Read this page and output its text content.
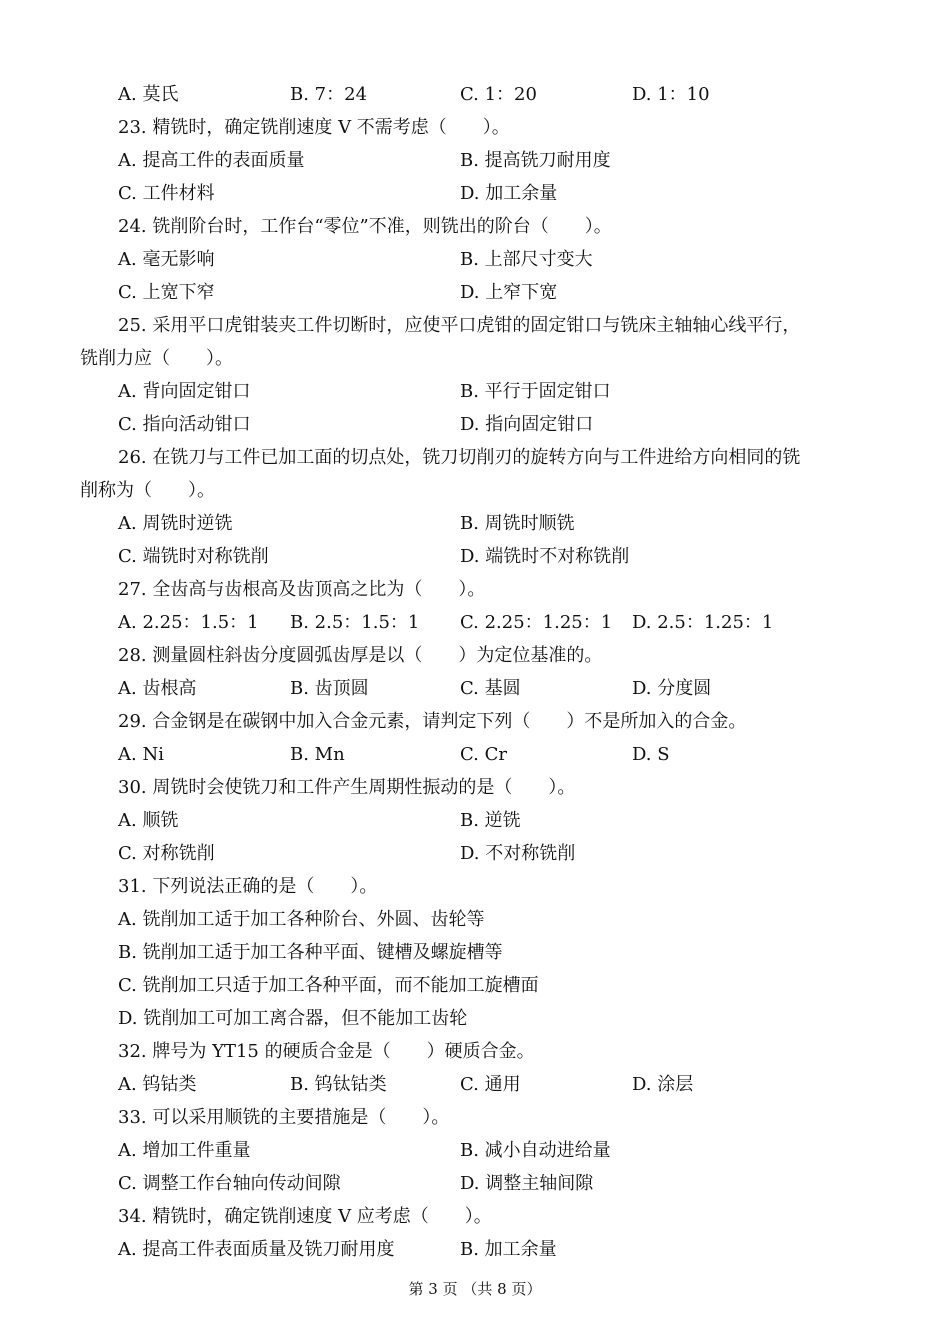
A. 莫氏	B. 7：24	C. 1：20	D. 1：10
23. 精铣时，确定铣削速度 V 不需考虑（　　）。
A. 提高工件的表面质量	B. 提高铣刀耐用度
C. 工件材料	D. 加工余量
24. 铣削阶台时，工作台“零位”不准，则铣出的阶台（　　）。
A. 毫无影响	B. 上部尺寸变大
C. 上宽下窄	D. 上窄下宽
25. 采用平口虎钳装夹工件切断时，应使平口虎钳的固定钳口与铣床主轴轴心线平行，
铣削力应（　　）。
A. 背向固定钳口	B. 平行于固定钳口
C. 指向活动钳口	D. 指向固定钳口
26. 在铣刀与工件已加工面的切点处，铣刀切削刃的旋转方向与工件进给方向相同的铣
削称为（　　）。
A. 周铣时逆铣	B. 周铣时顺铣
C. 端铣时对称铣削	D. 端铣时不对称铣削
27. 全齿高与齿根高及齿顶高之比为（　　）。
A. 2.25：1.5：1 B. 2.5：1.5：1 C. 2.25：1.25：1 D. 2.5：1.25：1
28. 测量圆柱斜齿分度圆弧齿厚是以（　　）为定位基准的。
A. 齿根高	B. 齿顶圆	C. 基圆	D. 分度圆
29. 合金钢是在碳钢中加入合金元素，请判定下列（　　）不是所加入的合金。
A. Ni	B. Mn	C. Cr	D. S
30. 周铣时会使铣刀和工件产生周期性振动的是（　　）。
A. 顺铣	B. 逆铣
C. 对称铣削	D. 不对称铣削
31. 下列说法正确的是（　　）。
A. 铣削加工适于加工各种阶台、外圆、齿轮等
B. 铣削加工适于加工各种平面、键槽及螺旋槽等
C. 铣削加工只适于加工各种平面，而不能加工旋槽面
D. 铣削加工可加工离合器，但不能加工齿轮
32. 牌号为 YT15 的硬质合金是（　　）硬质合金。
A. 钨钴类	B. 钨钛钴类	C. 通用	D. 涂层
33. 可以采用顺铣的主要措施是（　　）。
A. 增加工件重量	B. 减小自动进给量
C. 调整工作台轴向传动间隙	D. 调整主轴间隙
34. 精铣时，确定铣削速度 V 应考虑（　　）。
A. 提高工件表面质量及铣刀耐用度	B. 加工余量
第 3 页 （共 8 页）
